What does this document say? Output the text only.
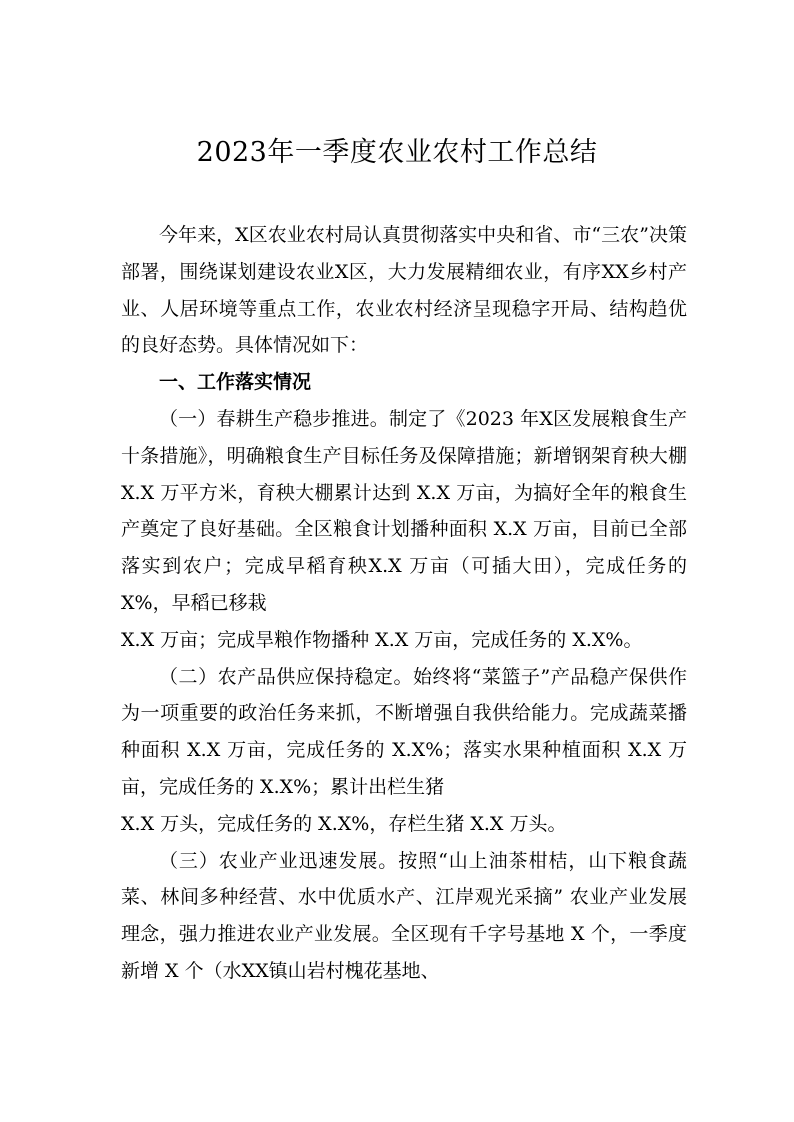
2023年一季度农业农村工作总结

今年来，X区农业农村局认真贯彻落实中央和省、市“三农”决策部署，围绕谋划建设农业X区，大力发展精细农业，有序XX乡村产业、人居环境等重点工作，农业农村经济呈现稳字开局、结构趋优的良好态势。具体情况如下：

一、工作落实情况

（一）春耕生产稳步推进。制定了《2023 年X区发展粮食生产十条措施》，明确粮食生产目标任务及保障措施；新增钢架育秧大棚 X.X 万平方米，育秧大棚累计达到 X.X 万亩，为搞好全年的粮食生产奠定了良好基础。全区粮食计划播种面积 X.X 万亩，目前已全部落实到农户；完成早稻育秧X.X 万亩（可插大田），完成任务的 X%，早稻已移栽

X.X 万亩；完成旱粮作物播种 X.X 万亩，完成任务的 X.X%。

（二）农产品供应保持稳定。始终将“菜篮子”产品稳产保供作为一项重要的政治任务来抓，不断增强自我供给能力。完成蔬菜播种面积 X.X 万亩，完成任务的 X.X%；落实水果种植面积 X.X 万亩，完成任务的 X.X%；累计出栏生猪

X.X 万头，完成任务的 X.X%，存栏生猪 X.X 万头。

（三）农业产业迅速发展。按照“山上油茶柑桔，山下粮食蔬菜、林间多种经营、水中优质水产、江岸观光采摘” 农业产业发展理念，强力推进农业产业发展。全区现有千字号基地 X 个，一季度新增 X 个（水XX镇山岩村槐花基地、
